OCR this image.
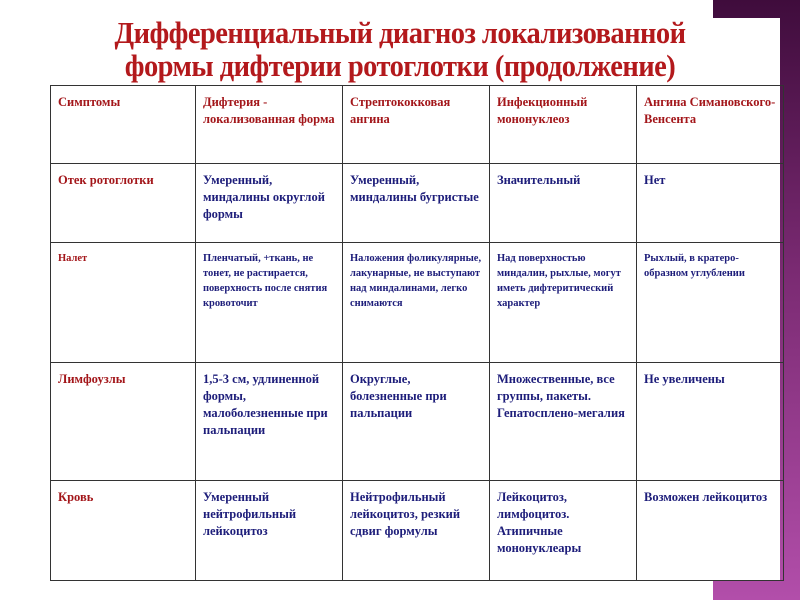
Дифференциальный диагноз локализованной
формы дифтерии ротоглотки (продолжение)
Симптомы	Дифтерия - локализованная форма	Стрептококковая ангина	Инфекционный мононуклеоз	Ангина Симановского-Венсента
Отек ротоглотки	Умеренный, миндалины округлой формы	Умеренный, миндалины бугристые	Значительный	Нет
Налет	Пленчатый, +ткань, не тонет, не растирается, поверхность после снятия кровоточит	Наложения фоликулярные, лакунарные, не выступают над миндалинами, легко снимаются	Над поверхностью миндалин, рыхлые, могут иметь дифтеритический характер	Рыхлый, в кратеро-образном углублении
Лимфоузлы	1,5-3 см, удлиненной формы, малоболезненные при пальпации	Округлые, болезненные при пальпации	Множественные, все группы, пакеты. Гепатосплено-мегалия	Не увеличены
Кровь	Умеренный нейтрофильный лейкоцитоз	Нейтрофильный лейкоцитоз, резкий сдвиг формулы	Лейкоцитоз, лимфоцитоз. Атипичные мононуклеары	Возможен лейкоцитоз
